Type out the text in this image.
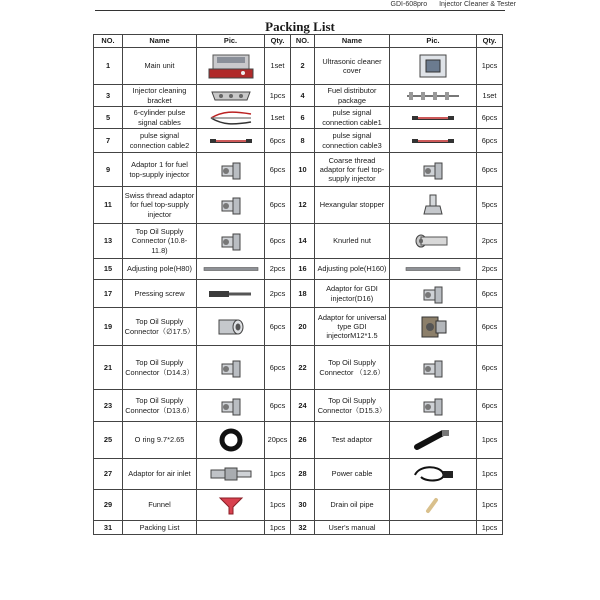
GDI-608pro Injector Cleaner & Tester
Packing List
NO.	Name	Pic.	Qty.	NO.	Name	Pic.	Qty.
1	Main unit		1set	2	Ultrasonic cleaner cover		1pcs
3	Injector cleaning bracket		1pcs	4	Fuel distributor package		1set
5	6-cylinder pulse signal cables		1set	6	pulse signal connection cable1		6pcs
7	pulse signal connection cable2		6pcs	8	pulse signal connection cable3		6pcs
9	Adaptor 1 for fuel top-supply injector		6pcs	10	Coarse thread adaptor for fuel top-supply injector		6pcs
11	Swiss thread adaptor for fuel top-supply injector		6pcs	12	Hexangular stopper		5pcs
13	Top Oil Supply Connector (10.8-11.8)		6pcs	14	Knurled nut		2pcs
15	Adjusting pole(H80)		2pcs	16	Adjusting pole(H160)		2pcs
17	Pressing screw		2pcs	18	Adaptor for GDI injector(D16)		6pcs
19	Top Oil Supply Connector（∅17.5）		6pcs	20	Adaptor for universal type GDI injectorM12*1.5		6pcs
21	Top Oil Supply Connector（D14.3）		6pcs	22	Top Oil Supply Connector （12.6）		6pcs
23	Top Oil Supply Connector（D13.6）		6pcs	24	Top Oil Supply Connector（D15.3）		6pcs
25	O ring 9.7*2.65		20pcs	26	Test adaptor		1pcs
27	Adaptor for air inlet		1pcs	28	Power cable		1pcs
29	Funnel		1pcs	30	Drain oil pipe		1pcs
31	Packing List		1pcs	32	User's manual		1pcs
